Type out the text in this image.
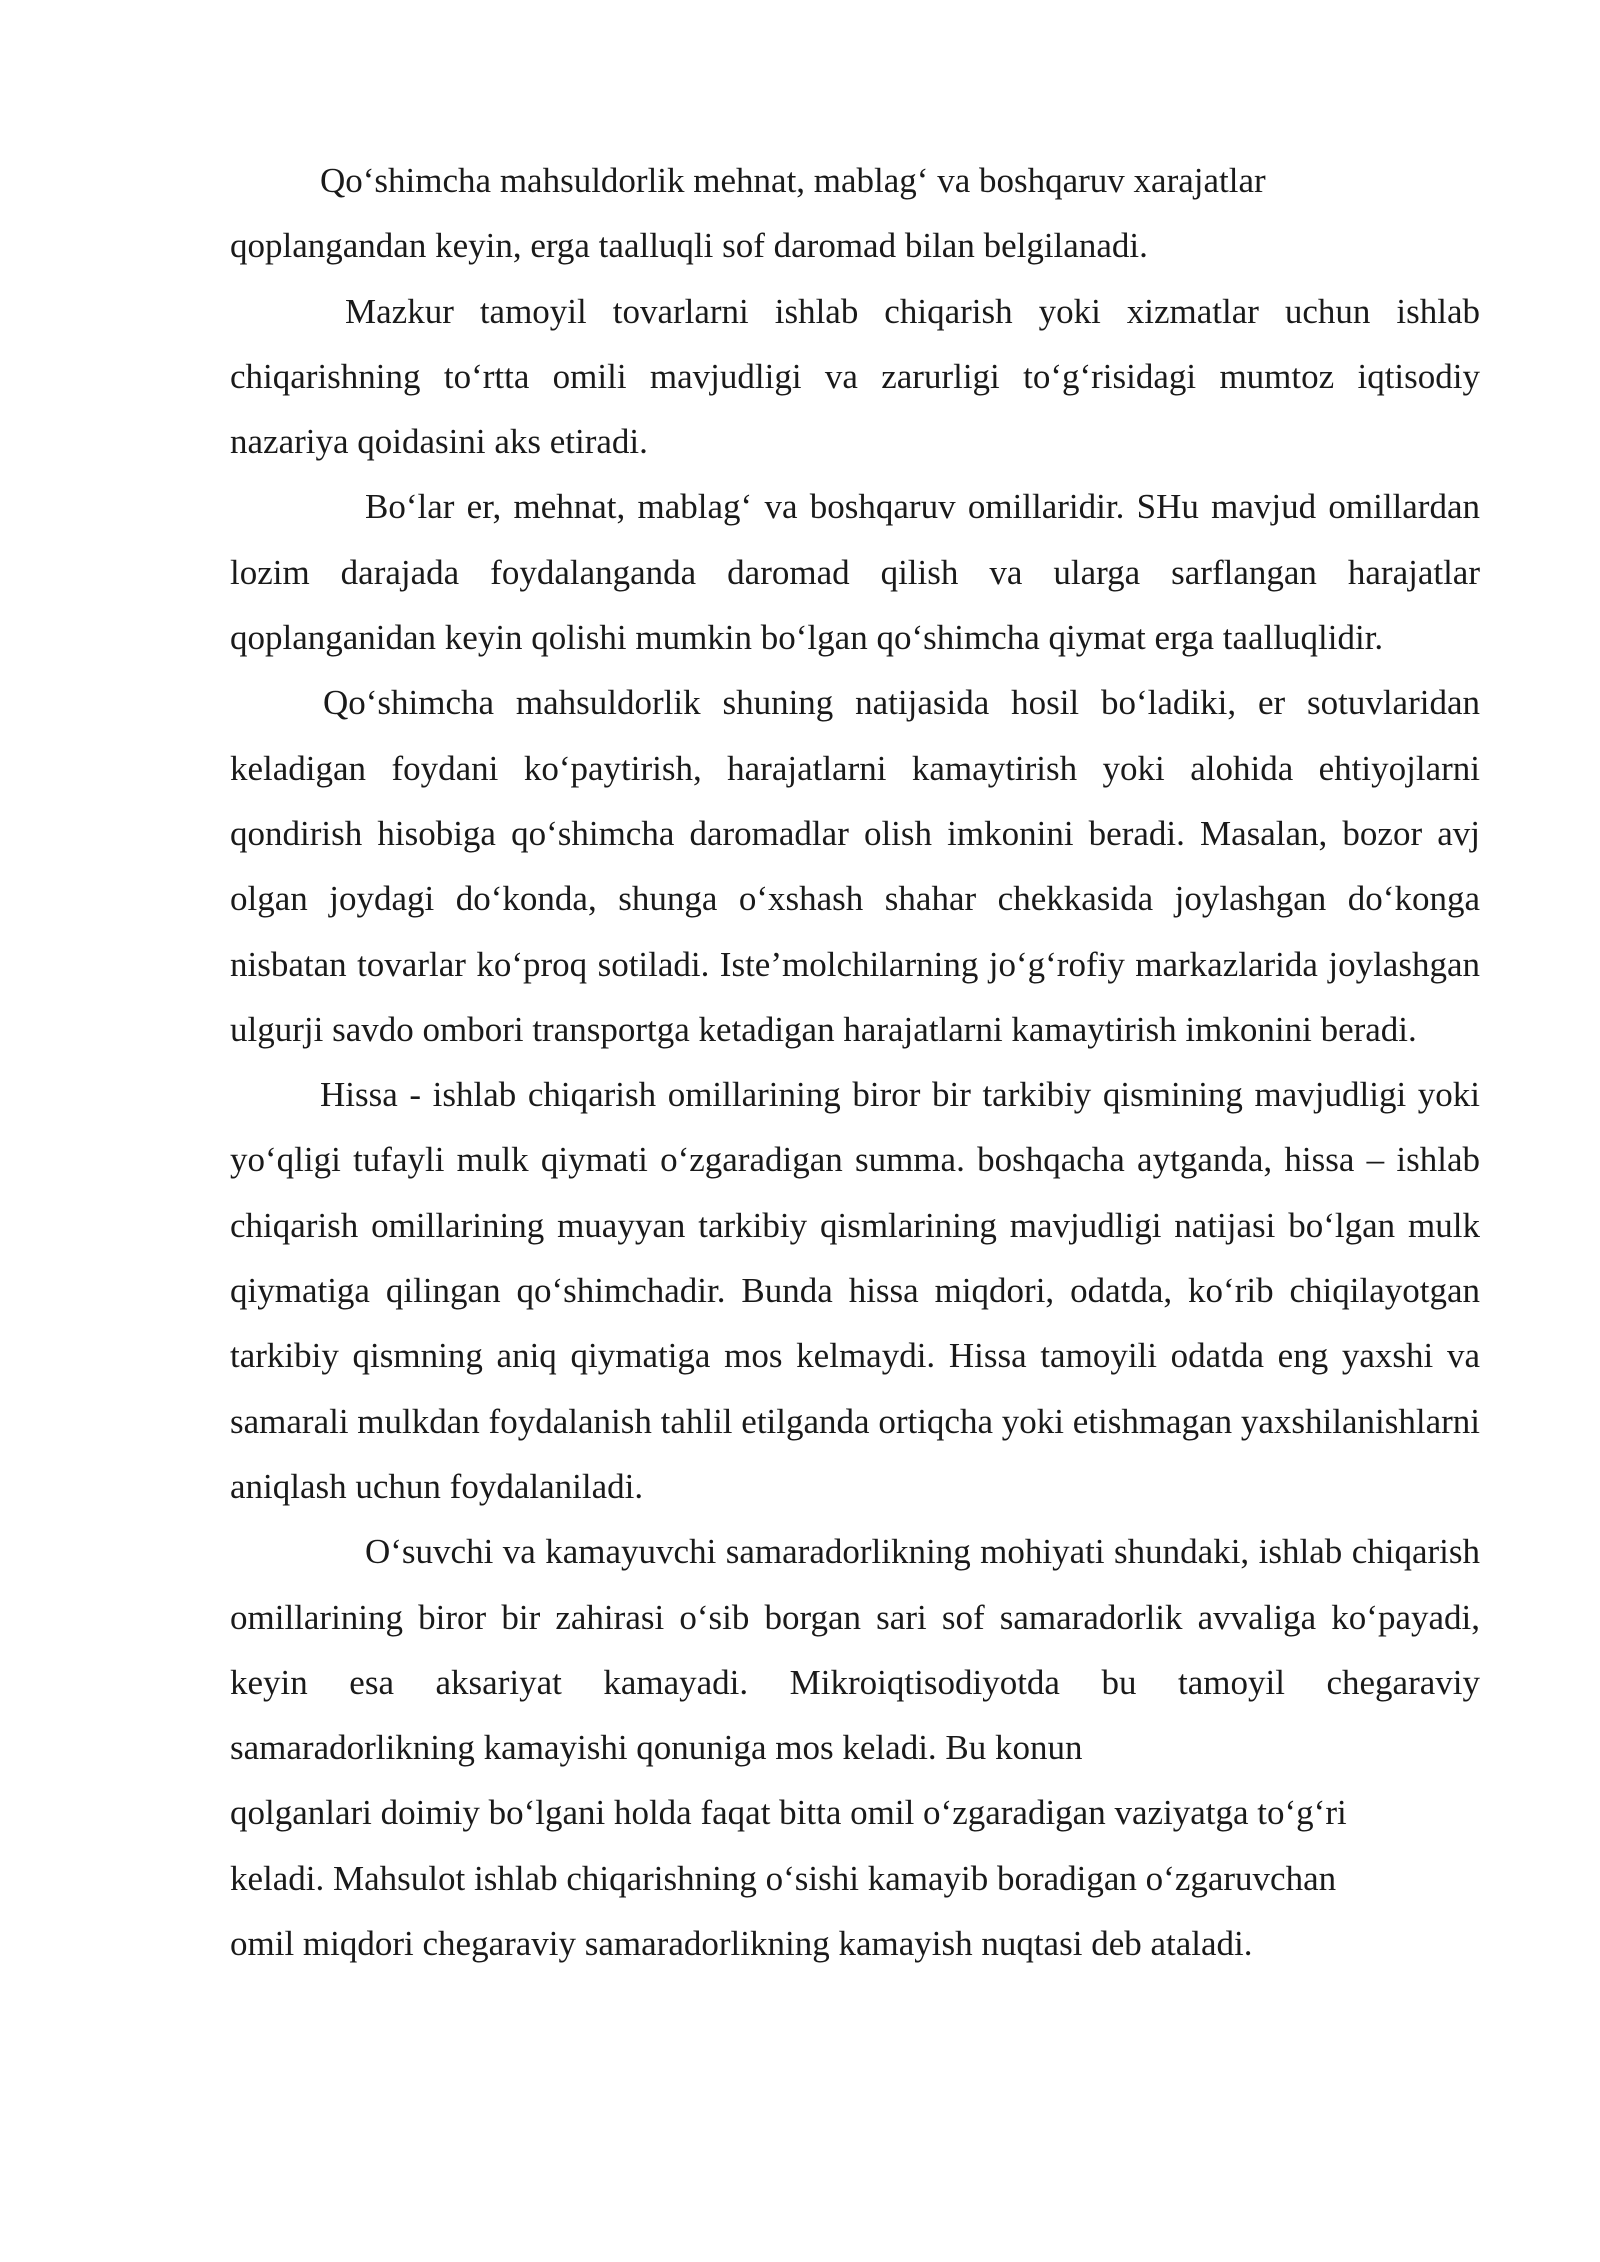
Qo‘shimcha mahsuldorlik mehnat, mablag‘ va boshqaruv xarajatlar

qoplangandan keyin, erga taalluqli sof daromad bilan belgilanadi.

Mazkur tamoyil tovarlarni ishlab chiqarish yoki xizmatlar uchun ishlab chiqarishning to‘rtta omili mavjudligi va zarurligi to‘g‘risidagi mumtoz iqtisodiy nazariya qoidasini aks etiradi.

Bo‘lar er, mehnat, mablag‘ va boshqaruv omillaridir. SHu mavjud omillardan lozim darajada foydalanganda daromad qilish va ularga sarflangan harajatlar qoplanganidan keyin qolishi mumkin bo‘lgan qo‘shimcha qiymat erga taalluqlidir.

Qo‘shimcha mahsuldorlik shuning natijasida hosil bo‘ladiki, er sotuvlaridan keladigan foydani ko‘paytirish, harajatlarni kamaytirish yoki alohida ehtiyojlarni qondirish hisobiga qo‘shimcha daromadlar olish imkonini beradi. Masalan, bozor avj olgan joydagi do‘konda, shunga o‘xshash shahar chekkasida joylashgan do‘konga nisbatan tovarlar ko‘proq sotiladi. Iste’molchilarning jo‘g‘rofiy markazlarida joylashgan ulgurji savdo ombori transportga ketadigan harajatlarni kamaytirish imkonini beradi.

Hissa - ishlab chiqarish omillarining biror bir tarkibiy qismining mavjudligi yoki yo‘qligi tufayli mulk qiymati o‘zgaradigan summa. boshqacha aytganda, hissa – ishlab chiqarish omillarining muayyan tarkibiy qismlarining mavjudligi natijasi bo‘lgan mulk qiymatiga qilingan qo‘shimchadir. Bunda hissa miqdori, odatda, ko‘rib chiqilayotgan tarkibiy qismning aniq qiymatiga mos kelmaydi. Hissa tamoyili odatda eng yaxshi va samarali mulkdan foydalanish tahlil etilganda ortiqcha yoki etishmagan yaxshilanishlarni aniqlash uchun foydalaniladi.

O‘suvchi va kamayuvchi samaradorlikning mohiyati shundaki, ishlab chiqarish omillarining biror bir zahirasi o‘sib borgan sari sof samaradorlik avvaliga ko‘payadi, keyin esa aksariyat kamayadi. Mikroiqtisodiyotda bu tamoyil chegaraviy samaradorlikning kamayishi qonuniga mos keladi. Bu konun

qolganlari doimiy bo‘lgani holda faqat bitta omil o‘zgaradigan vaziyatga to‘g‘ri

keladi. Mahsulot ishlab chiqarishning o‘sishi kamayib boradigan o‘zgaruvchan

omil miqdori chegaraviy samaradorlikning kamayish nuqtasi deb ataladi.
